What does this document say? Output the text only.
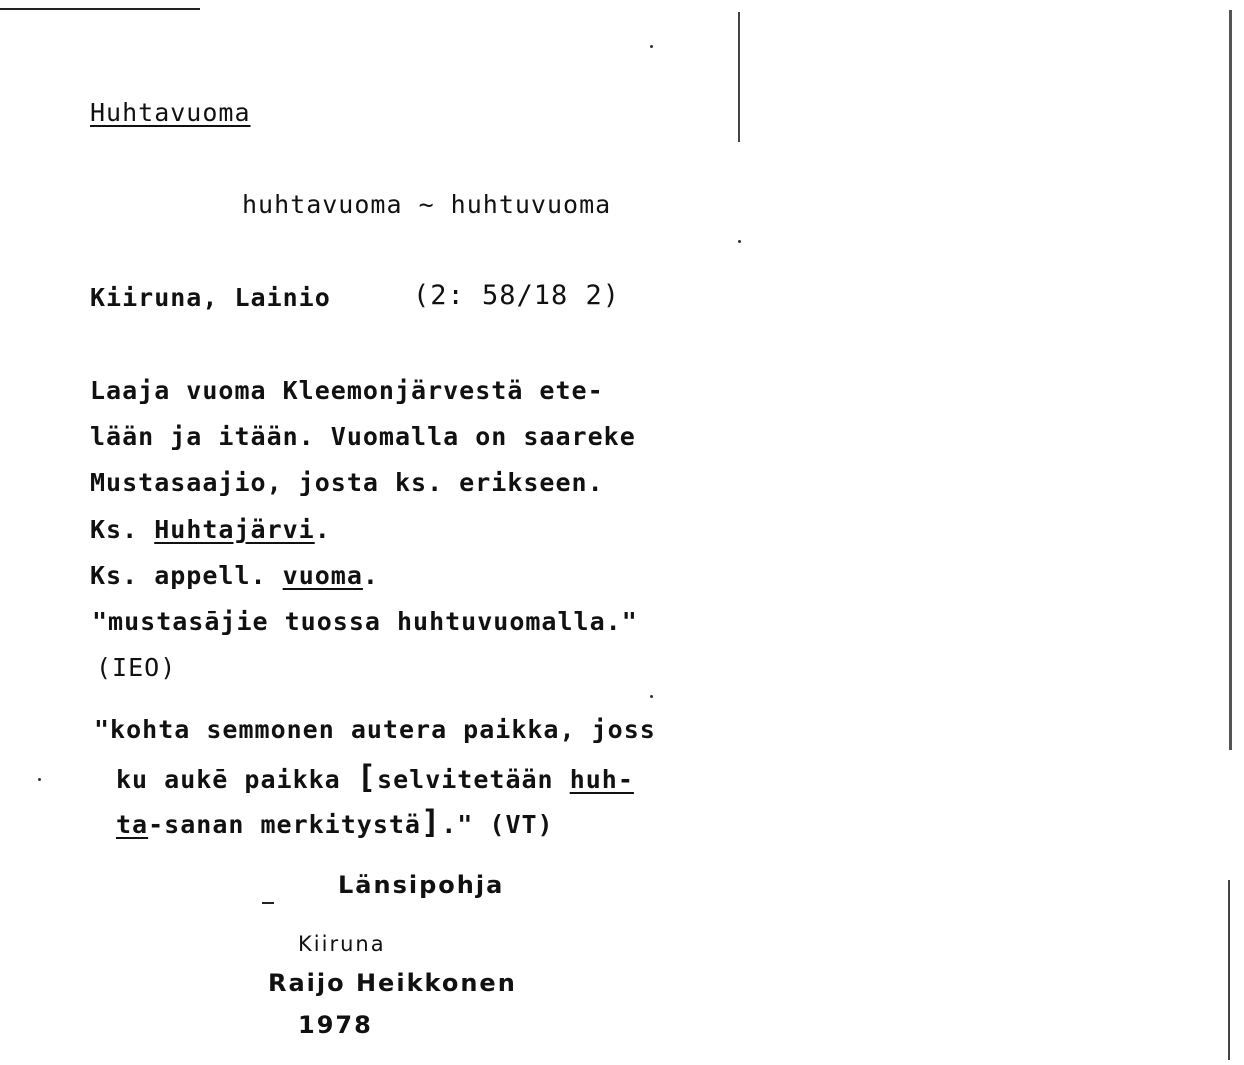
Huhtavuoma
huhtavuoma ~ huhtuvuoma
Kiiruna, Lainio	(2: 58/18 2)
Laaja vuoma Kleemonjärvestä ete-
lään ja itään. Vuomalla on saareke
Mustasaajio, josta ks. erikseen.
Ks. Huhtajärvi.
Ks. appell. vuoma.
"mustasājie tuossa huhtuvuomalla."
(IEO)
"kohta semmonen autera paikka, joss
ku aukē paikka [selvitetään huh-
ta-sanan merkitystä]." (VT)
Länsipohja
Kiiruna
Raijo Heikkonen
1978
